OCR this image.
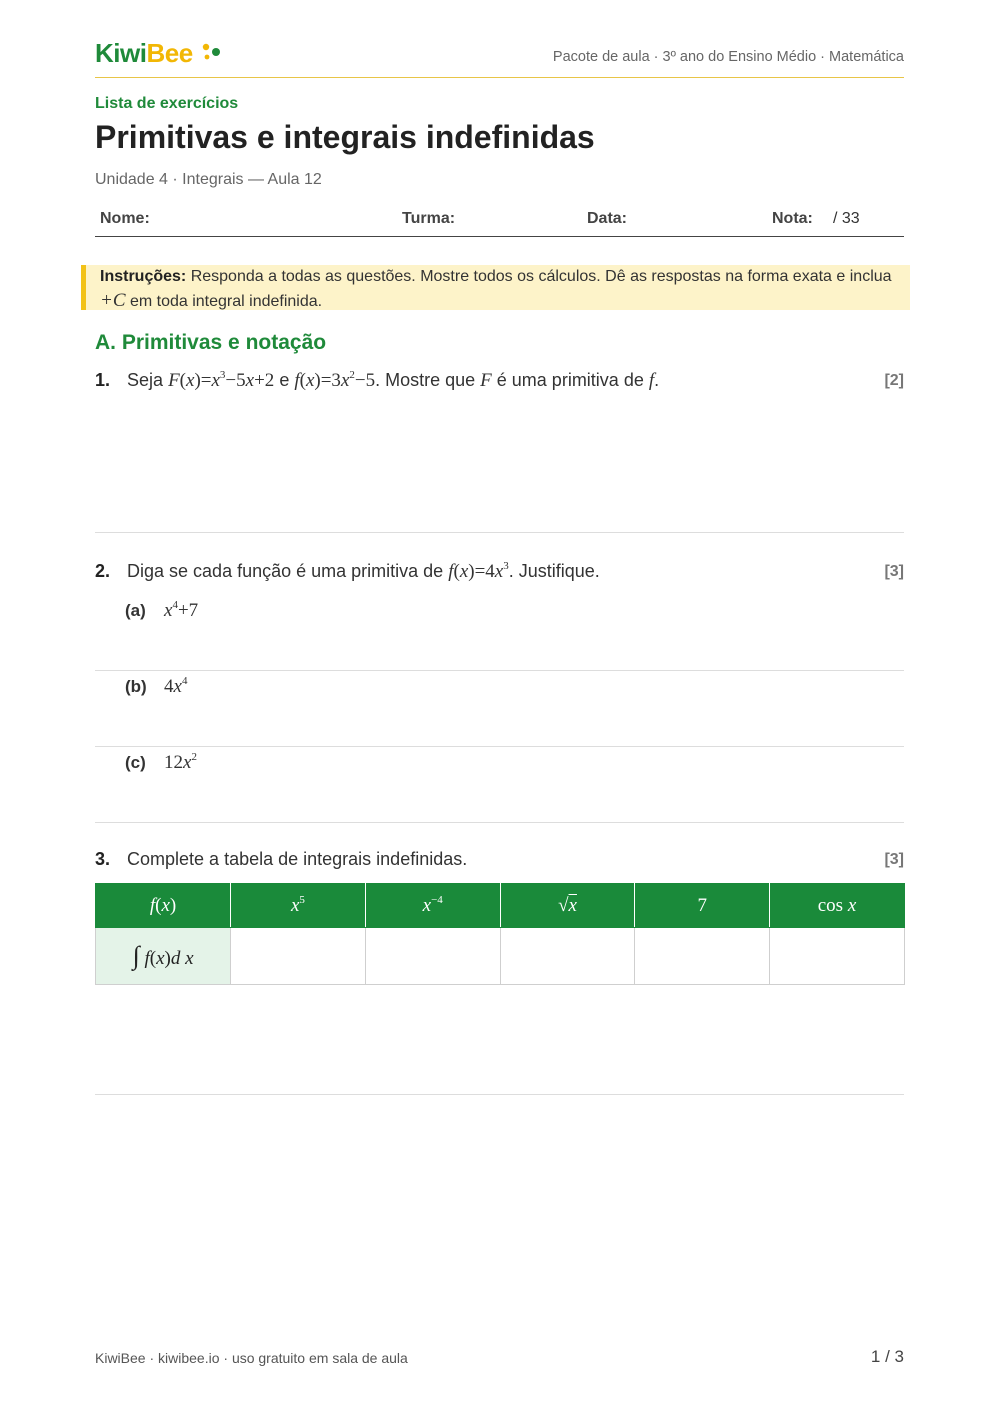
KiwiBee	Pacote de aula · 3º ano do Ensino Médio · Matemática
Lista de exercícios
Primitivas e integrais indefinidas
Unidade 4 · Integrais — Aula 12
Nome:	Turma:	Data:	Nota: / 33
Instruções: Responda a todas as questões. Mostre todos os cálculos. Dê as respostas na forma exata e inclua +C em toda integral indefinida.
A. Primitivas e notação
1. Seja $F(x)=x^3-5x+2$ e $f(x)=3x^2-5$. Mostre que F é uma primitiva de f.	[2]
2. Diga se cada função é uma primitiva de $f(x)=4x^3$. Justifique.	[3]
(a) $x^4+7$
(b) $4x^4$
(c) $12x^2$
3. Complete a tabela de integrais indefinidas.	[3]
f(x)	$x^5$	$x^{-4}$	√x	7	cos x
∫ f(x)d x					
KiwiBee · kiwibee.io · uso gratuito em sala de aula	1 / 3
